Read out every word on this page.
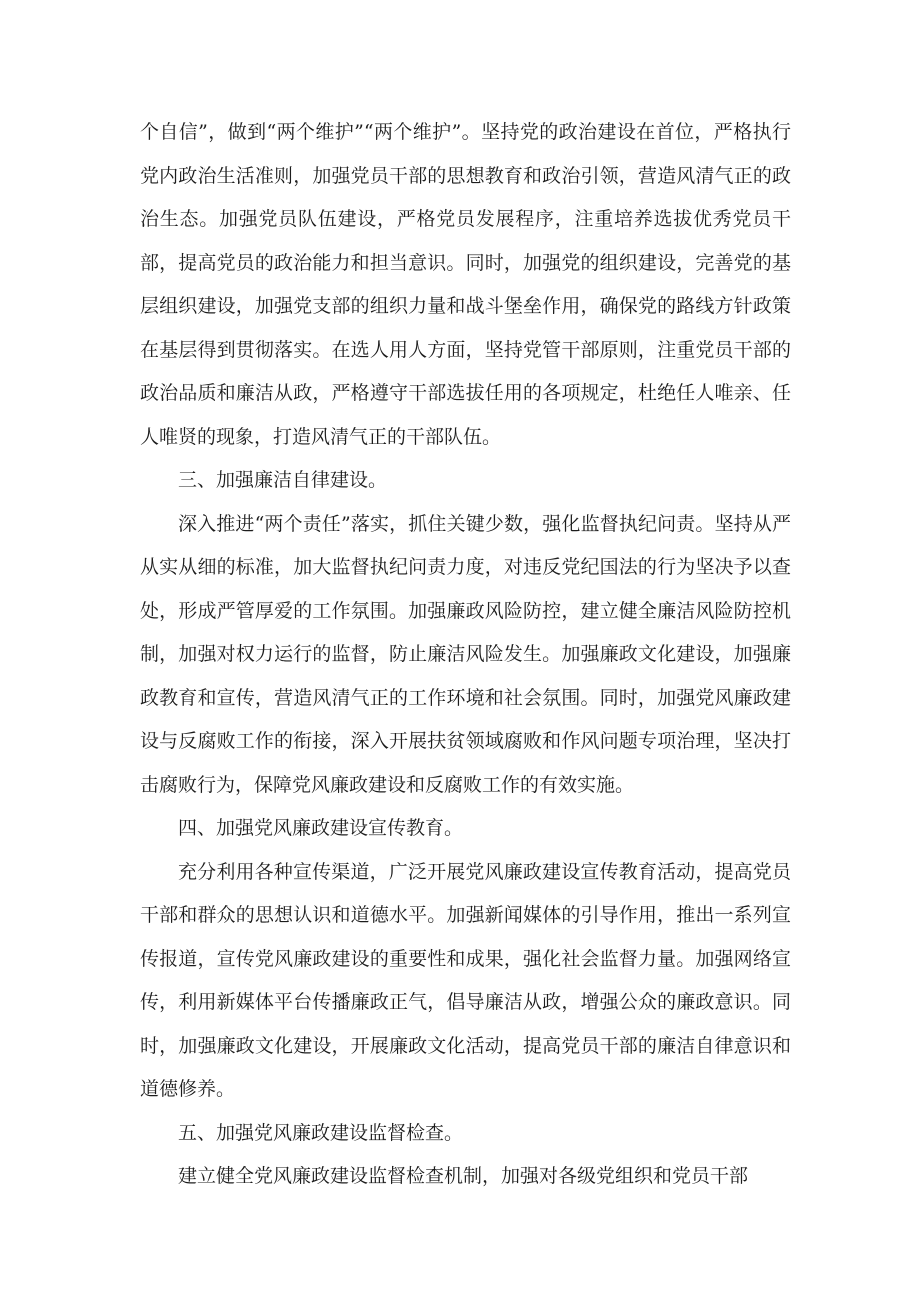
个自信”，做到“两个维护”“两个维护”。坚持党的政治建设在首位，严格执行党内政治生活准则，加强党员干部的思想教育和政治引领，营造风清气正的政治生态。加强党员队伍建设，严格党员发展程序，注重培养选拔优秀党员干部，提高党员的政治能力和担当意识。同时，加强党的组织建设，完善党的基层组织建设，加强党支部的组织力量和战斗堡垒作用，确保党的路线方针政策在基层得到贯彻落实。在选人用人方面，坚持党管干部原则，注重党员干部的政治品质和廉洁从政，严格遵守干部选拔任用的各项规定，杜绝任人唯亲、任人唯贤的现象，打造风清气正的干部队伍。

三、加强廉洁自律建设。

深入推进“两个责任”落实，抓住关键少数，强化监督执纪问责。坚持从严从实从细的标准，加大监督执纪问责力度，对违反党纪国法的行为坚决予以查处，形成严管厚爱的工作氛围。加强廉政风险防控，建立健全廉洁风险防控机制，加强对权力运行的监督，防止廉洁风险发生。加强廉政文化建设，加强廉政教育和宣传，营造风清气正的工作环境和社会氛围。同时，加强党风廉政建设与反腐败工作的衔接，深入开展扶贫领域腐败和作风问题专项治理，坚决打击腐败行为，保障党风廉政建设和反腐败工作的有效实施。

四、加强党风廉政建设宣传教育。

充分利用各种宣传渠道，广泛开展党风廉政建设宣传教育活动，提高党员干部和群众的思想认识和道德水平。加强新闻媒体的引导作用，推出一系列宣传报道，宣传党风廉政建设的重要性和成果，强化社会监督力量。加强网络宣传，利用新媒体平台传播廉政正气，倡导廉洁从政，增强公众的廉政意识。同时，加强廉政文化建设，开展廉政文化活动，提高党员干部的廉洁自律意识和道德修养。

五、加强党风廉政建设监督检查。

建立健全党风廉政建设监督检查机制，加强对各级党组织和党员干部
